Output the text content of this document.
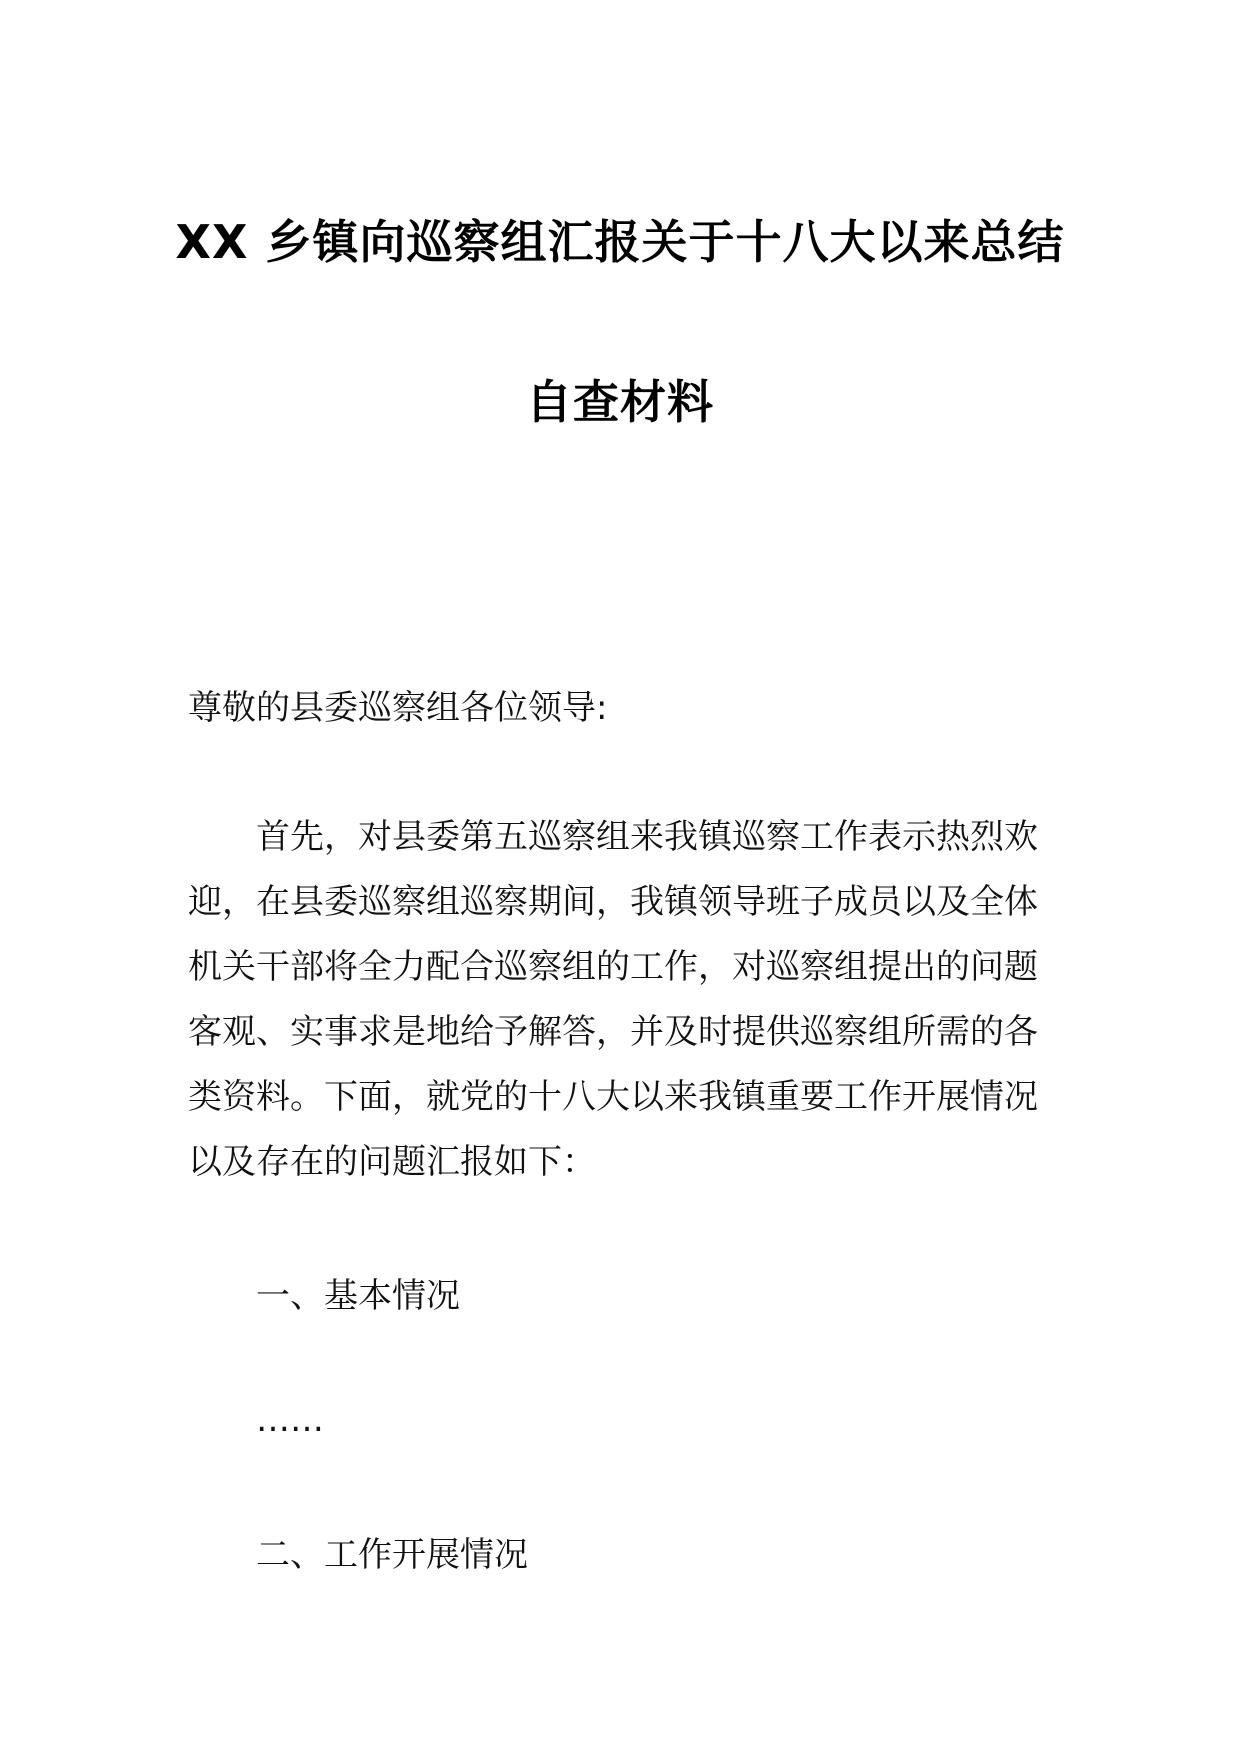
XX 乡镇向巡察组汇报关于十八大以来总结
自查材料
尊敬的县委巡察组各位领导:
首先，对县委第五巡察组来我镇巡察工作表示热烈欢迎，在县委巡察组巡察期间，我镇领导班子成员以及全体机关干部将全力配合巡察组的工作，对巡察组提出的问题客观、实事求是地给予解答，并及时提供巡察组所需的各类资料。下面，就党的十八大以来我镇重要工作开展情况以及存在的问题汇报如下：
一、基本情况
……
二、工作开展情况
